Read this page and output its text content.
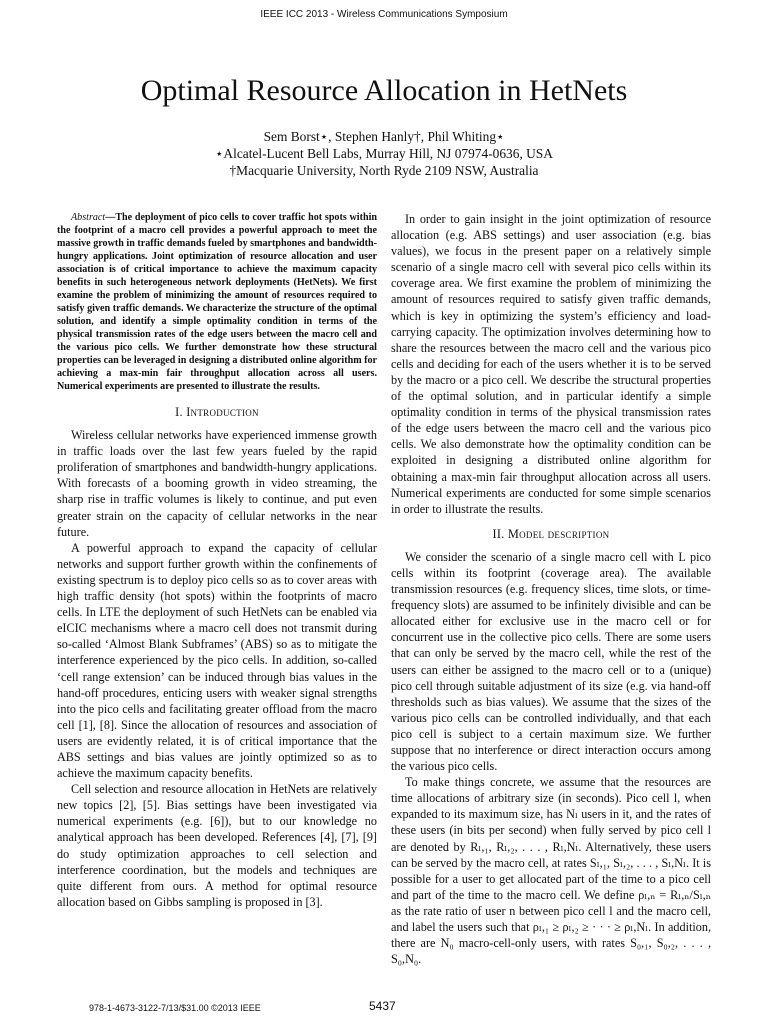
IEEE ICC 2013 - Wireless Communications Symposium
Optimal Resource Allocation in HetNets
Sem Borst⋆, Stephen Hanly†, Phil Whiting⋆
⋆Alcatel-Lucent Bell Labs, Murray Hill, NJ 07974-0636, USA
†Macquarie University, North Ryde 2109 NSW, Australia

Abstract—The deployment of pico cells to cover traffic hot spots within the footprint of a macro cell provides a powerful approach to meet the massive growth in traffic demands fueled by smartphones and bandwidth-hungry applications. Joint optimization of resource allocation and user association is of critical importance to achieve the maximum capacity benefits in such heterogeneous network deployments (HetNets). We first examine the problem of minimizing the amount of resources required to satisfy given traffic demands. We characterize the structure of the optimal solution, and identify a simple optimality condition in terms of the physical transmission rates of the edge users between the macro cell and the various pico cells. We further demonstrate how these structural properties can be leveraged in designing a distributed online algorithm for achieving a max-min fair throughput allocation across all users. Numerical experiments are presented to illustrate the results.

I. Introduction

Wireless cellular networks have experienced immense growth in traffic loads over the last few years fueled by the rapid proliferation of smartphones and bandwidth-hungry applications. With forecasts of a booming growth in video streaming, the sharp rise in traffic volumes is likely to continue, and put even greater strain on the capacity of cellular networks in the near future.

A powerful approach to expand the capacity of cellular networks and support further growth within the confinements of existing spectrum is to deploy pico cells so as to cover areas with high traffic density (hot spots) within the footprints of macro cells. In LTE the deployment of such HetNets can be enabled via eICIC mechanisms where a macro cell does not transmit during so-called ‘Almost Blank Subframes’ (ABS) so as to mitigate the interference experienced by the pico cells. In addition, so-called ‘cell range extension’ can be induced through bias values in the hand-off procedures, enticing users with weaker signal strengths into the pico cells and facilitating greater offload from the macro cell [1], [8]. Since the allocation of resources and association of users are evidently related, it is of critical importance that the ABS settings and bias values are jointly optimized so as to achieve the maximum capacity benefits.

Cell selection and resource allocation in HetNets are relatively new topics [2], [5]. Bias settings have been investigated via numerical experiments (e.g. [6]), but to our knowledge no analytical approach has been developed. References [4], [7], [9] do study optimization approaches to cell selection and interference coordination, but the models and techniques are quite different from ours. A method for optimal resource allocation based on Gibbs sampling is proposed in [3].

In order to gain insight in the joint optimization of resource allocation (e.g. ABS settings) and user association (e.g. bias values), we focus in the present paper on a relatively simple scenario of a single macro cell with several pico cells within its coverage area. We first examine the problem of minimizing the amount of resources required to satisfy given traffic demands, which is key in optimizing the system’s efficiency and load-carrying capacity. The optimization involves determining how to share the resources between the macro cell and the various pico cells and deciding for each of the users whether it is to be served by the macro or a pico cell. We describe the structural properties of the optimal solution, and in particular identify a simple optimality condition in terms of the physical transmission rates of the edge users between the macro cell and the various pico cells. We also demonstrate how the optimality condition can be exploited in designing a distributed online algorithm for obtaining a max-min fair throughput allocation across all users. Numerical experiments are conducted for some simple scenarios in order to illustrate the results.

II. Model description

We consider the scenario of a single macro cell with L pico cells within its footprint (coverage area). The available transmission resources (e.g. frequency slices, time slots, or time-frequency slots) are assumed to be infinitely divisible and can be allocated either for exclusive use in the macro cell or for concurrent use in the collective pico cells. There are some users that can only be served by the macro cell, while the rest of the users can either be assigned to the macro cell or to a (unique) pico cell through suitable adjustment of its size (e.g. via hand-off thresholds such as bias values). We assume that the sizes of the various pico cells can be controlled individually, and that each pico cell is subject to a certain maximum size. We further suppose that no interference or direct interaction occurs among the various pico cells.

To make things concrete, we assume that the resources are time allocations of arbitrary size (in seconds). Pico cell l, when expanded to its maximum size, has Nₗ users in it, and the rates of these users (in bits per second) when fully served by pico cell l are denoted by Rₗ,₁, Rₗ,₂, . . . , Rₗ,Nₗ. Alternatively, these users can be served by the macro cell, at rates Sₗ,₁, Sₗ,₂, . . . , Sₗ,Nₗ. It is possible for a user to get allocated part of the time to a pico cell and part of the time to the macro cell. We define ρₗ,ₙ = Rₗ,ₙ/Sₗ,ₙ as the rate ratio of user n between pico cell l and the macro cell, and label the users such that ρₗ,₁ ≥ ρₗ,₂ ≥ · · · ≥ ρₗ,Nₗ. In addition, there are N₀ macro-cell-only users, with rates S₀,₁, S₀,₂, . . . , S₀,N₀.

978-1-4673-3122-7/13/$31.00 ©2013 IEEE	5437
